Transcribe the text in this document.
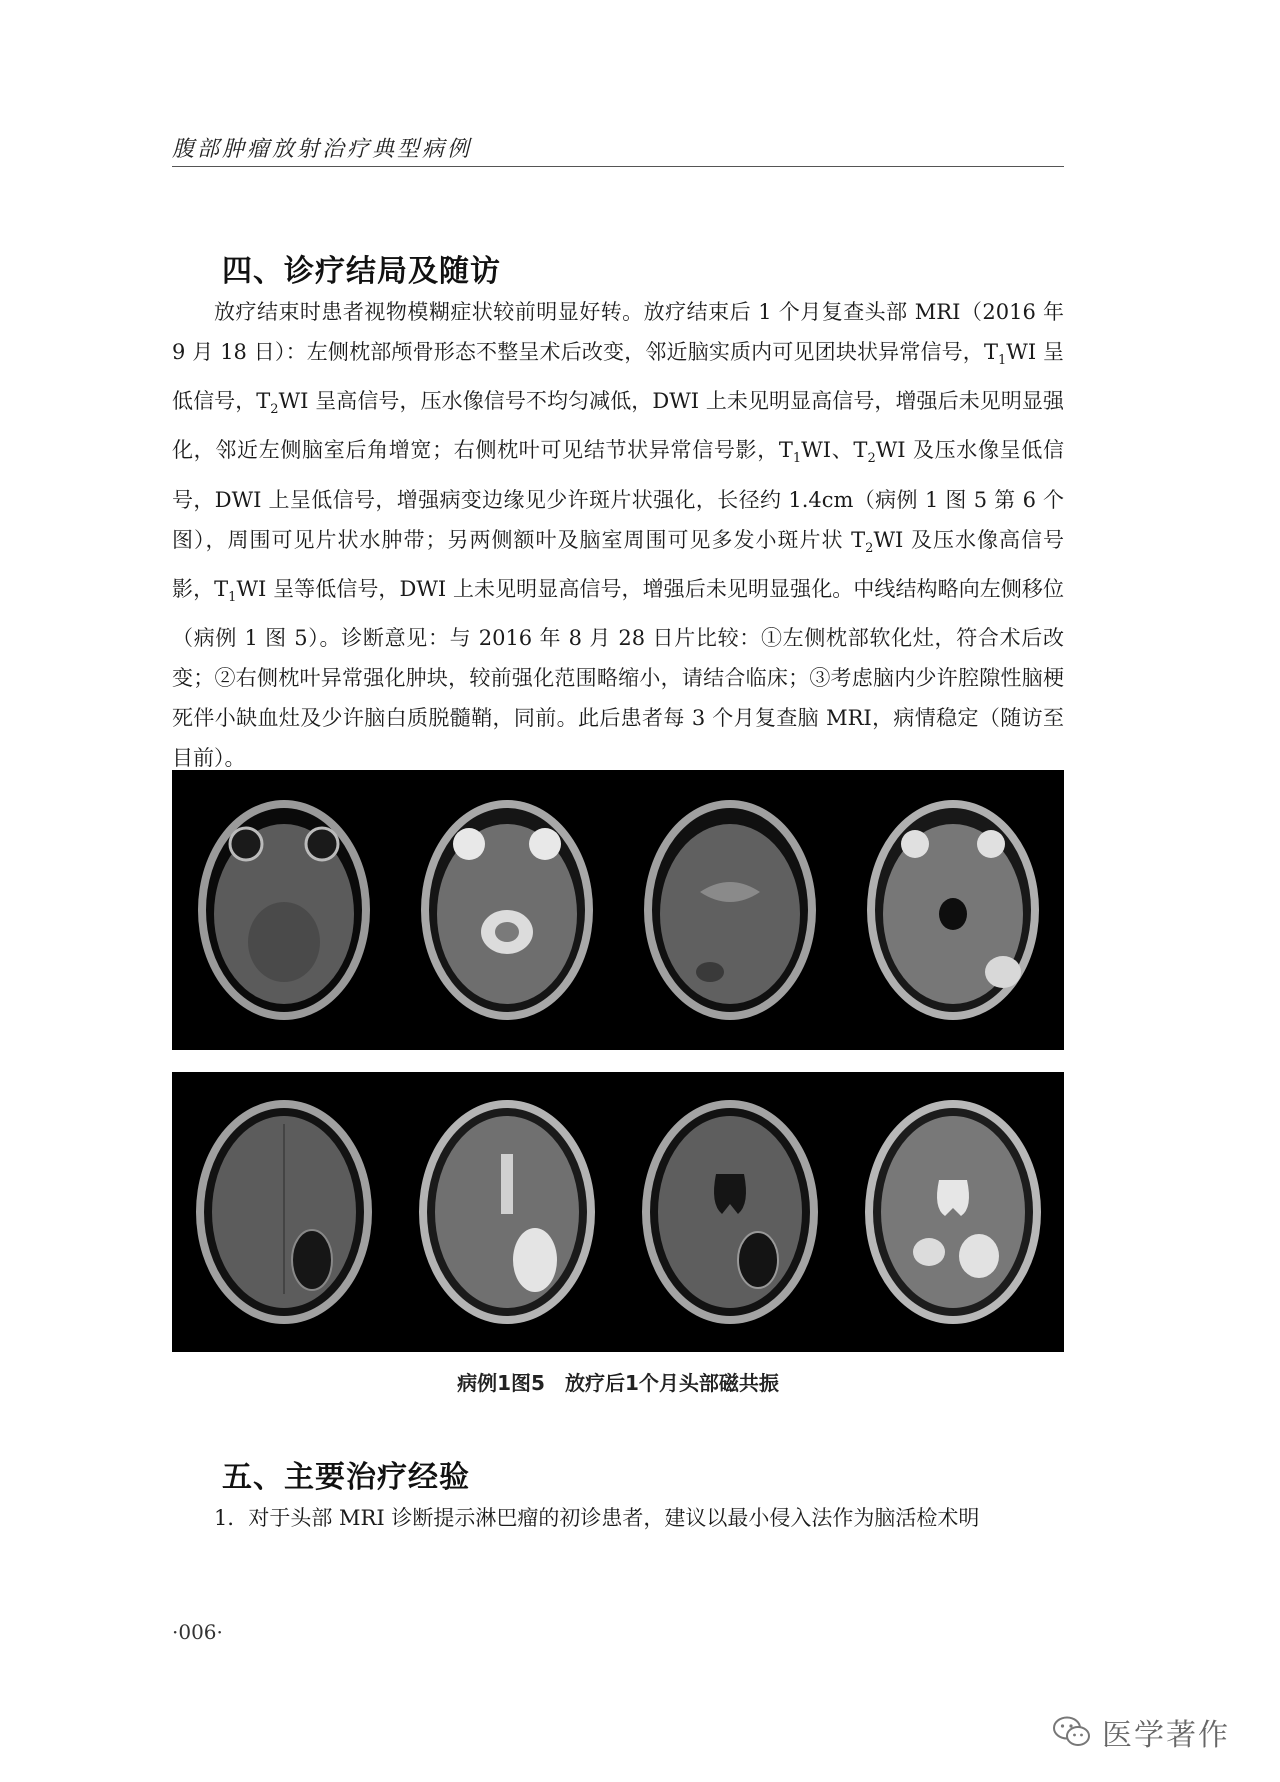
腹部肿瘤放射治疗典型病例
四、诊疗结局及随访

放疗结束时患者视物模糊症状较前明显好转。放疗结束后 1 个月复查头部 MRI（2016 年 9 月 18 日）：左侧枕部颅骨形态不整呈术后改变，邻近脑实质内可见团块状异常信号，$T_1WI$ 呈低信号，$T_2WI$ 呈高信号，压水像信号不均匀减低，DWI 上未见明显高信号，增强后未见明显强化，邻近左侧脑室后角增宽；右侧枕叶可见结节状异常信号影，$T_1WI$、$T_2WI$ 及压水像呈低信号，DWI 上呈低信号，增强病变边缘见少许斑片状强化，长径约 1.4cm（病例 1 图 5 第 6 个图），周围可见片状水肿带；另两侧额叶及脑室周围可见多发小斑片状 $T_2WI$ 及压水像高信号影，$T_1WI$ 呈等低信号，DWI 上未见明显高信号，增强后未见明显强化。中线结构略向左侧移位（病例 1 图 5）。诊断意见：与 2016 年 8 月 28 日片比较：①左侧枕部软化灶，符合术后改变；②右侧枕叶异常强化肿块，较前强化范围略缩小，请结合临床；③考虑脑内少许腔隙性脑梗死伴小缺血灶及少许脑白质脱髓鞘，同前。此后患者每 3 个月复查脑 MRI，病情稳定（随访至目前）。

病例1图5　放疗后1个月头部磁共振
五、主要治疗经验

1．对于头部 MRI 诊断提示淋巴瘤的初诊患者，建议以最小侵入法作为脑活检术明

·006·
医学著作
